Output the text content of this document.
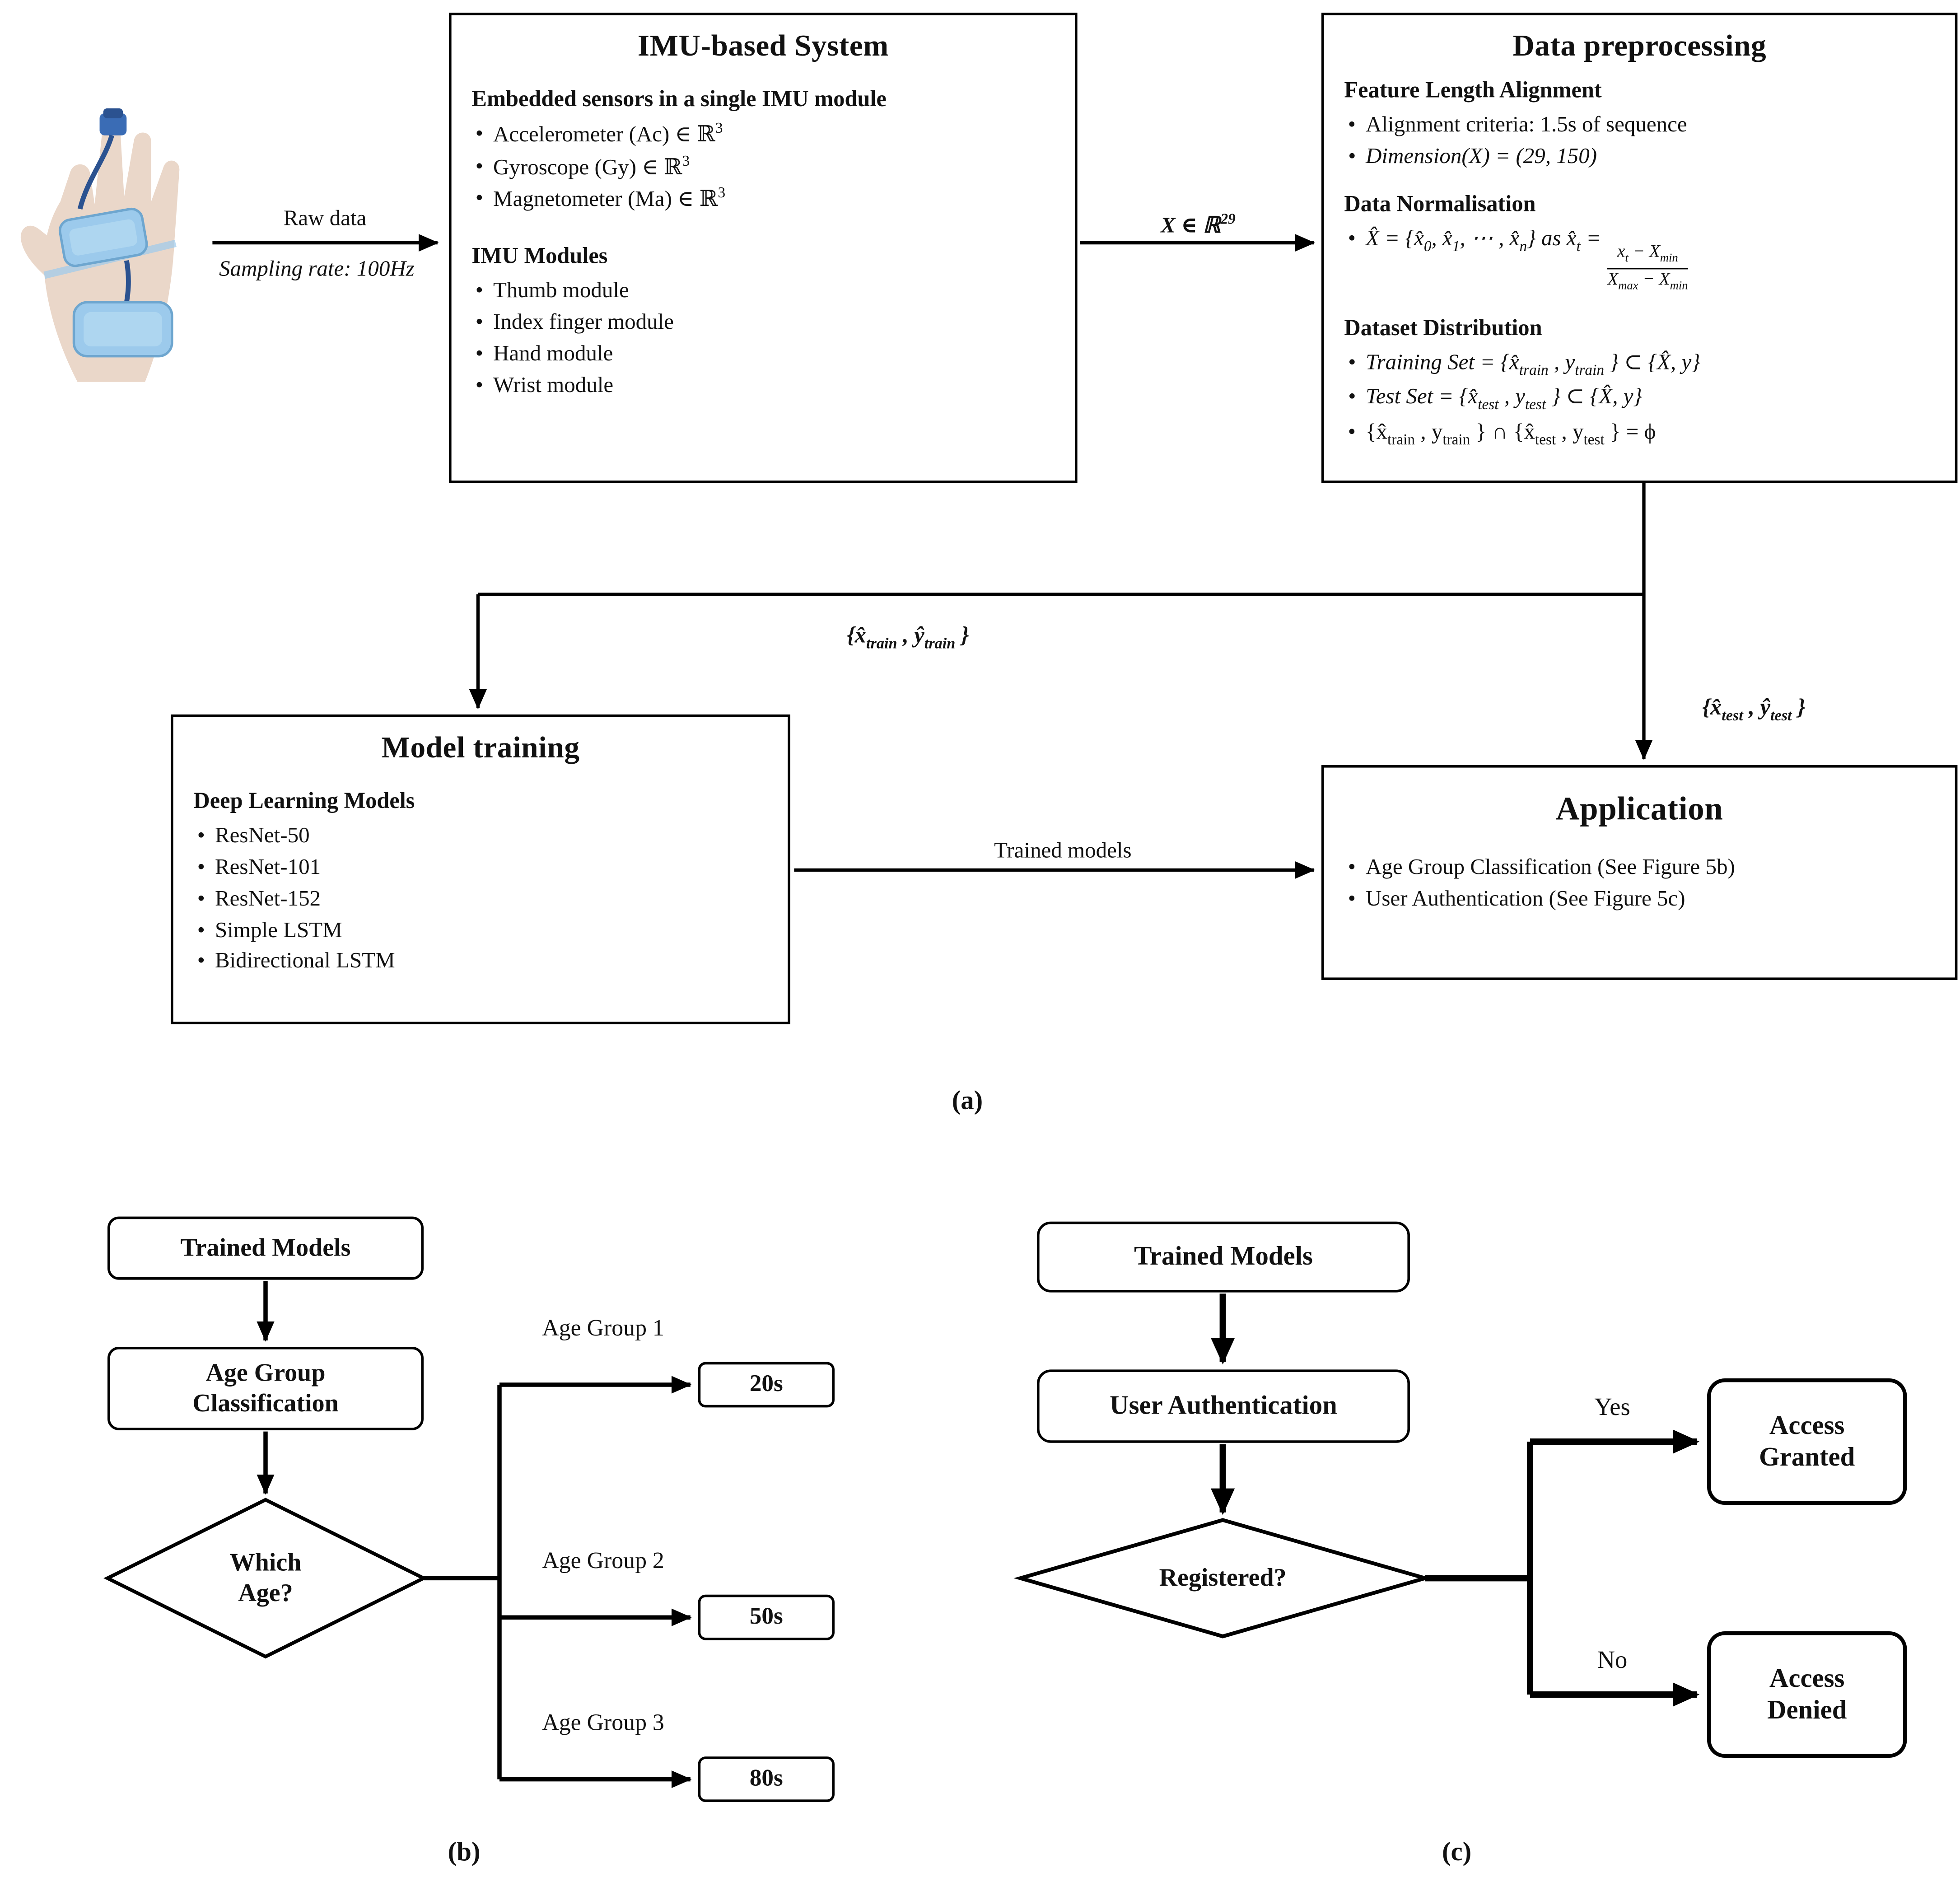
Raw data
Sampling rate: 100Hz
X ∈ ℝ$^{29}$
{$x̂_{train}$ , $ŷ_{train}$ }
{$x̂_{test}$ , $ŷ_{test}$ }
Trained models
IMU-based System
Embedded sensors in a single IMU module
• Accelerometer (Ac) ∈ ℝ$^3$
• Gyroscope (Gy) ∈ ℝ$^3$
• Magnetometer (Ma) ∈ ℝ$^3$
IMU Modules
• Thumb module
• Index finger module
• Hand module
• Wrist module
Data preprocessing
Feature Length Alignment
• Alignment criteria: 1.5s of sequence
• Dimension(X) = (29, 150)
Data Normalisation
• X̂ = {$x̂_0$, $x̂_1$, ⋯ , $x̂_n$} as $x̂_t$ =
$\frac{x_t - X_{min}}{X_{max} - X_{min}}$
Dataset Distribution
• Training Set = {$x̂_{train}$ , $y_{train}$ } ⊂ {X̂, y}
• Test Set = {$x̂_{test}$ , $y_{test}$ } ⊂ {X̂, y}
• {$x̂_{train}$ , $y_{train}$ } ∩ {$x̂_{test}$ , $y_{test}$ } = ϕ
Model training
Deep Learning Models
• ResNet-50
• ResNet-101
• ResNet-152
• Simple LSTM
• Bidirectional LSTM
Application
• Age Group Classification (See Figure 5b)
• User Authentication (See Figure 5c)
(a)
Trained Models
Age Group Classification
Which Age?
Age Group 1
Age Group 2
Age Group 3
20s
50s
80s
(b)
Trained Models
User Authentication
Registered?
Yes
No
Access Granted
Access Denied
(c)
